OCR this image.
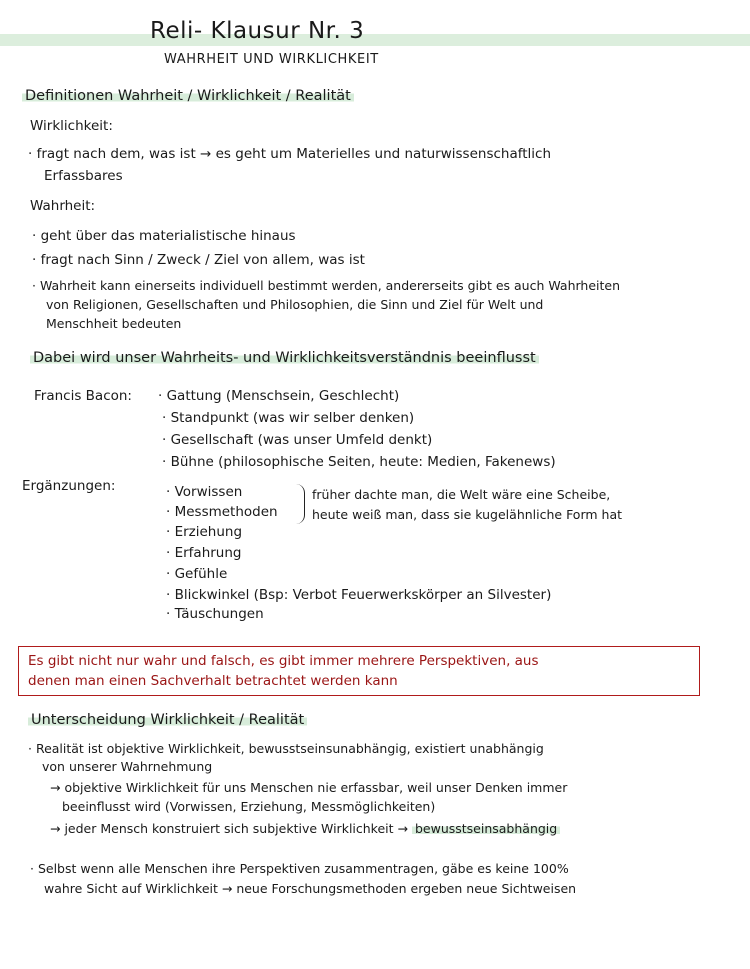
Reli- Klausur Nr. 3
WAHRHEIT UND WIRKLICHKEIT
Definitionen Wahrheit / Wirklichkeit / Realität
Wirklichkeit:
· fragt nach dem, was ist → es geht um Materielles und naturwissenschaftlich
Erfassbares
Wahrheit:
· geht über das materialistische hinaus
· fragt nach Sinn / Zweck / Ziel von allem, was ist
· Wahrheit kann einerseits individuell bestimmt werden, andererseits gibt es auch Wahrheiten
von Religionen, Gesellschaften und Philosophien, die Sinn und Ziel für Welt und
Menschheit bedeuten
Dabei wird unser Wahrheits- und Wirklichkeitsverständnis beeinflusst
Francis Bacon: · Gattung (Menschsein, Geschlecht)
· Standpunkt (was wir selber denken)
· Gesellschaft (was unser Umfeld denkt)
· Bühne (philosophische Seiten, heute: Medien, Fakenews)
Ergänzungen:	· Vorwissen
· Messmethoden
· Erziehung
· Erfahrung
· Gefühle
· Blickwinkel (Bsp: Verbot Feuerwerkskörper an Silvester)
· Täuschungen
früher dachte man, die Welt wäre eine Scheibe,
heute weiß man, dass sie kugelähnliche Form hat
Es gibt nicht nur wahr und falsch, es gibt immer mehrere Perspektiven, aus
denen man einen Sachverhalt betrachtet werden kann
Unterscheidung Wirklichkeit / Realität
· Realität ist objektive Wirklichkeit, bewusstseinsunabhängig, existiert unabhängig
von unserer Wahrnehmung
→ objektive Wirklichkeit für uns Menschen nie erfassbar, weil unser Denken immer
beeinflusst wird (Vorwissen, Erziehung, Messmöglichkeiten)
→ jeder Mensch konstruiert sich subjektive Wirklichkeit → bewusstseinsabhängig
· Selbst wenn alle Menschen ihre Perspektiven zusammentragen, gäbe es keine 100%
wahre Sicht auf Wirklichkeit → neue Forschungsmethoden ergeben neue Sichtweisen
